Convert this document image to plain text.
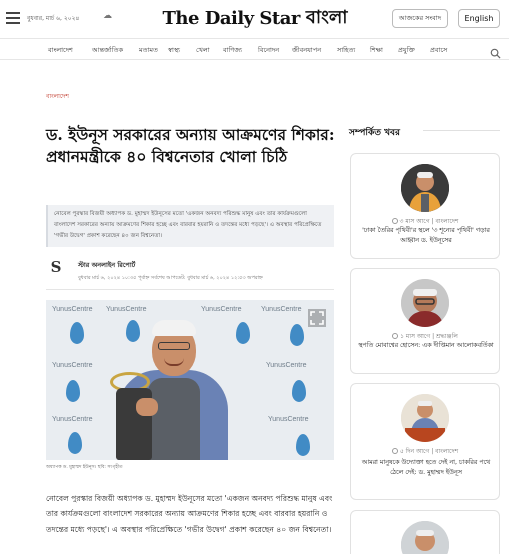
বুধবার, মার্চ ৬, ২০২৪	☁	The Daily Star বাংলা	আজকের সংবাদ	English
বাংলাদেশ	আন্তর্জাতিক মতামত স্বাস্থ্য খেলা বাণিজ্য বিনোদন জীবনযাপন সাহিত্য শিক্ষা প্রযুক্তি প্রবাসে
বাংলাদেশ
ড. ইউনূস সরকারের অন্যায় আক্রমণের শিকার: প্রধানমন্ত্রীকে ৪০ বিশ্বনেতার খোলা চিঠি

নোবেল পুরস্কার বিজয়ী অধ্যাপক ড. মুহাম্মদ ইউনূসের মতো 'একজন অনবদ্য পরিশুদ্ধ মানুষ এবং তার কার্যক্রমগুলো বাংলাদেশ সরকারের অন্যায় আক্রমণের শিকার হচ্ছে এবং বারবার হয়রানি ও তদন্তের মধ্যে পড়ছে'। এ অবস্থার পরিপ্রেক্ষিতে 'গভীর উদ্বেগ' প্রকাশ করেছেন ৪০ জন বিশ্বনেতা।

S	স্টার অনলাইন রিপোর্ট
বুধবার মার্চ ৬, ২০২৪ ১০:৩৫ পূর্বাহ্ন সর্বশেষ আপডেট: বুধবার মার্চ ৬, ২০২৪ ১২:৫৩ অপরাহ্ন
YunusCentre YunusCentre	YunusCentre	YunusCentre
YunusCentre	YunusCentre
YunusCentre	YunusCentre
অধ্যাপক ড. মুহাম্মদ ইউনূস। ছবি: সংগৃহীত

নোবেল পুরস্কার বিজয়ী অধ্যাপক ড. মুহাম্মদ ইউনূসের মতো 'একজন অনবদ্য পরিশুদ্ধ মানুষ এবং তার কার্যক্রমগুলো বাংলাদেশ সরকারের অন্যায় আক্রমণের শিকার হচ্ছে এবং বারবার হয়রানি ও তদন্তের মধ্যে পড়ছে'। এ অবস্থার পরিপ্রেক্ষিতে 'গভীর উদ্বেগ' প্রকাশ করেছেন ৪০ জন বিশ্বনেতা।

সম্পর্কিত খবর
৩ মাস আগে | বাংলাদেশ
'ঢাকা তৈরির পৃথিবী'র স্থলে '৩ শূন্যের পৃথিবী' গড়ার আহ্বান ড. ইউনূসের
১ মাস আগে | শ্রদ্ধাঞ্জলি
স্থপতি মোবাশ্বের হোসেন: এক দীপ্তিমান আলোকবর্তিকা
৫ দিন আগে | বাংলাদেশ
আমরা মানুষকে উদ্যোক্তা হতে দেই না, চাকরির পথে ঠেলে দেই: ড. মুহাম্মদ ইউনূস
